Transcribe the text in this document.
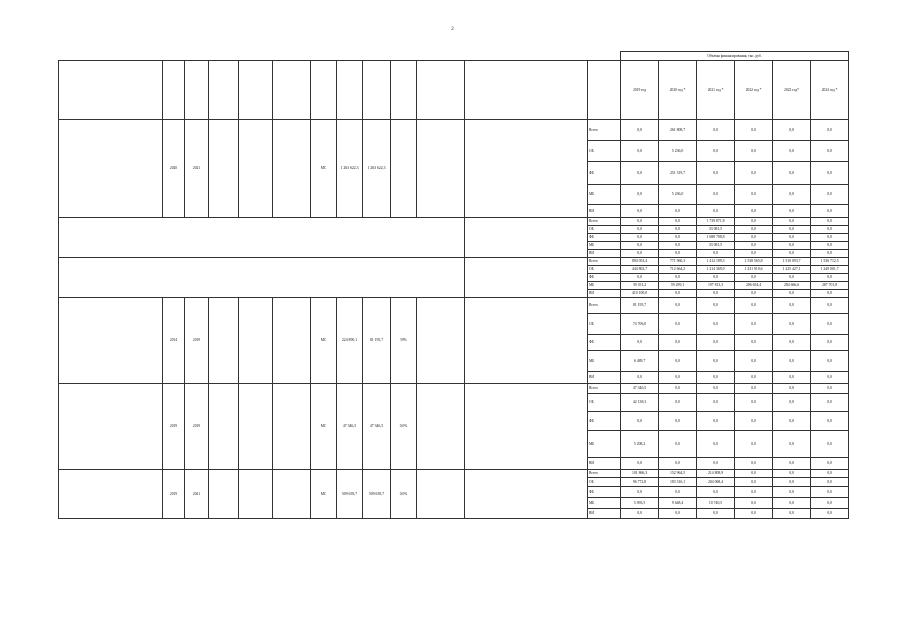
2
													Объемы финансирования, тыс. руб.					
													2019 год	2020 год *	2021 год *	2022 год *	2023 год*	2024 год *
	2020	2021				МС	1 263 622,3	1 263 622,3				Всего	0,0	261 808,7	0,0	0,0	0,0	0,0
												ОБ	0,0	5 236,0	0,0	0,0	0,0	0,0
												ФБ	0,0	251 319,7	0,0	0,0	0,0	0,0
												МБ	0,0	5 236,0	0,0	0,0	0,0	0,0
												ВИ	0,0	0,0	0,0	0,0	0,0	0,0
												Всего	0,0	0,0	1 739 871,8	0,0	0,0	0,0
												ОБ	0,0	0,0	33 081,5	0,0	0,0	0,0
												ФБ	0,0	0,0	1 688 708,8	0,0	0,0	0,0
												МБ	0,0	0,0	33 081,5	0,0	0,0	0,0
												ВИ	0,0	0,0	0,0	0,0	0,0	0,0
												Всего	894 053,4	771 960,3	1 412 189,3	1 538 565,8	1 510 093,7	1 536 712,5
												ОБ	444 802,7	712 664,2	1 214 369,0	1 231 910,6	1 225 427,1	1 249 001,7
												ФБ	0,0	0,0	0,0	0,0	0,0	0,0
												МБ	39 351,2	59 299,1	197 813,3	206 654,4	284 666,6	287 701,8
												ВИ	410 100,0	0,0	0,0	0,0	0,0	0,0
	2014	2019				МС	224 890,1	81 195,7	59%			Всего	81 195,7	0,0	0,0	0,0	0,0	0,0
												ОБ	74 706,0	0,0	0,0	0,0	0,0	0,0
												ФБ	0,0	0,0	0,0	0,0	0,0	0,0
												МБ	6 489,7	0,0	0,0	0,0	0,0	0,0
												ВИ	0,0	0,0	0,0	0,0	0,0	0,0
	2019	2019				МС	47 346,5	47 346,5	0,0%			Всего	47 346,5	0,0	0,0	0,0	0,0	0,0
												ОБ	42 138,3	0,0	0,0	0,0	0,0	0,0
												ФБ	0,0	0,0	0,0	0,0	0,0	0,0
												МБ	5 208,2	0,0	0,0	0,0	0,0	0,0
												ВИ	0,0	0,0	0,0	0,0	0,0	0,0
	2019	2021				МС	509 639,7	509 639,7	0,0%			Всего	101 866,3	152 964,5	214 808,9	0,0	0,0	0,0
												ОБ	96 772,8	183 316,1	204 068,4	0,0	0,0	0,0
												ФБ	0,0	0,0	0,0	0,0	0,0	0,0
												МБ	5 093,5	9 648,4	10 740,5	0,0	0,0	0,0
												ВИ	0,0	0,0	0,0	0,0	0,0	0,0
